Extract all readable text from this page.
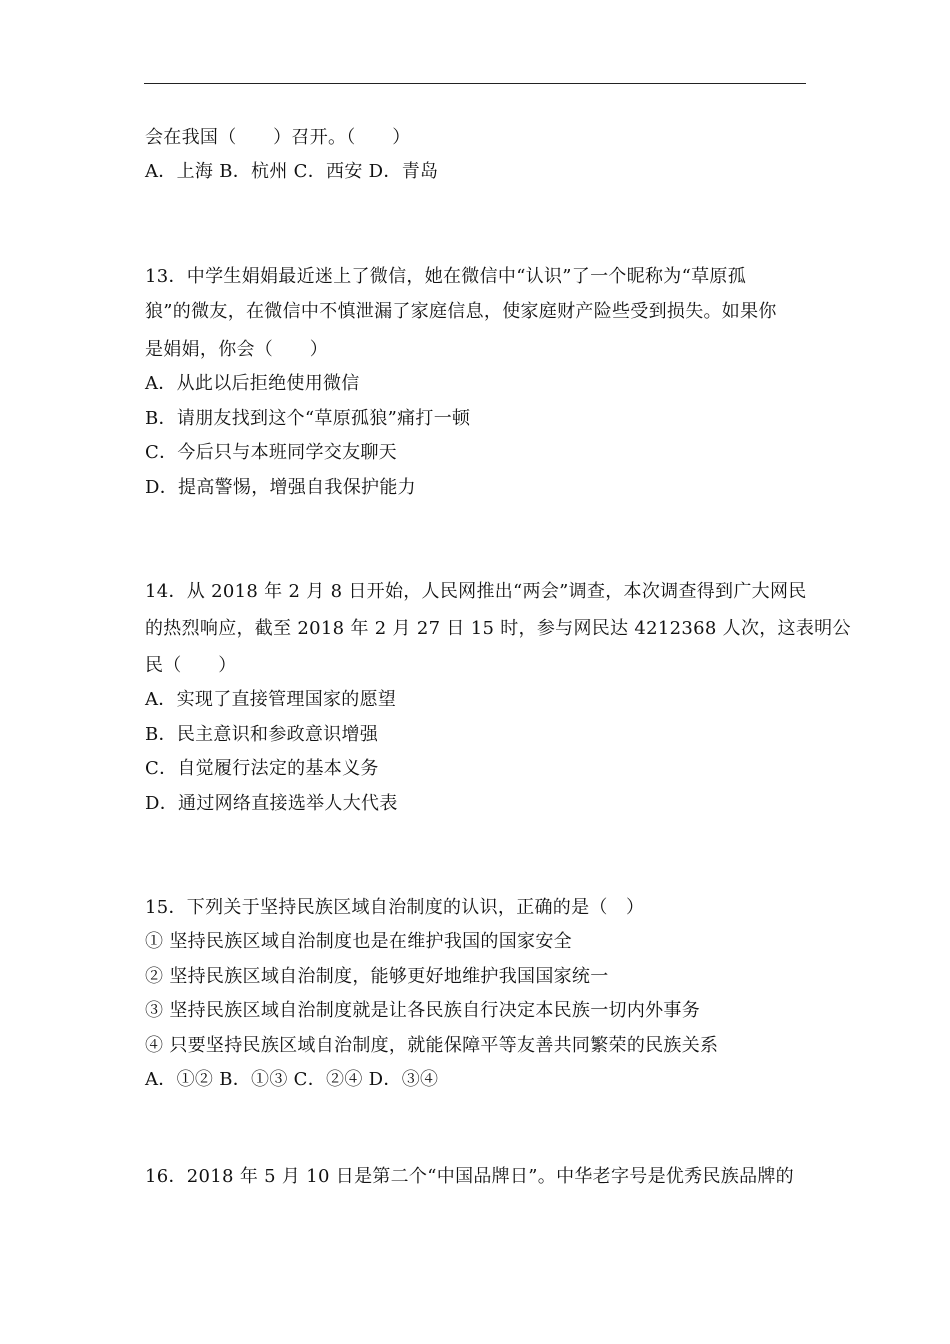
会在我国（　　）召开。（　　）
A．上海 B．杭州 C．西安 D．青岛
13．中学生娟娟最近迷上了微信，她在微信中“认识”了一个昵称为“草原孤
狼”的微友，在微信中不慎泄漏了家庭信息，使家庭财产险些受到损失。如果你
是娟娟，你会（　　）
A．从此以后拒绝使用微信
B．请朋友找到这个“草原孤狼”痛打一顿
C．今后只与本班同学交友聊天
D．提高警惕，增强自我保护能力
14．从 2018 年 2 月 8 日开始，人民网推出“两会”调查，本次调查得到广大网民
的热烈响应，截至 2018 年 2 月 27 日 15 时，参与网民达 4212368 人次，这表明公
民（　　）
A．实现了直接管理国家的愿望
B．民主意识和参政意识增强
C．自觉履行法定的基本义务
D．通过网络直接选举人大代表
15．下列关于坚持民族区域自治制度的认识，正确的是（　）
① 坚持民族区域自治制度也是在维护我国的国家安全
② 坚持民族区域自治制度，能够更好地维护我国国家统一
③ 坚持民族区域自治制度就是让各民族自行决定本民族一切内外事务
④ 只要坚持民族区域自治制度，就能保障平等友善共同繁荣的民族关系
A．①② B．①③ C．②④ D．③④
16．2018 年 5 月 10 日是第二个“中国品牌日”。中华老字号是优秀民族品牌的
